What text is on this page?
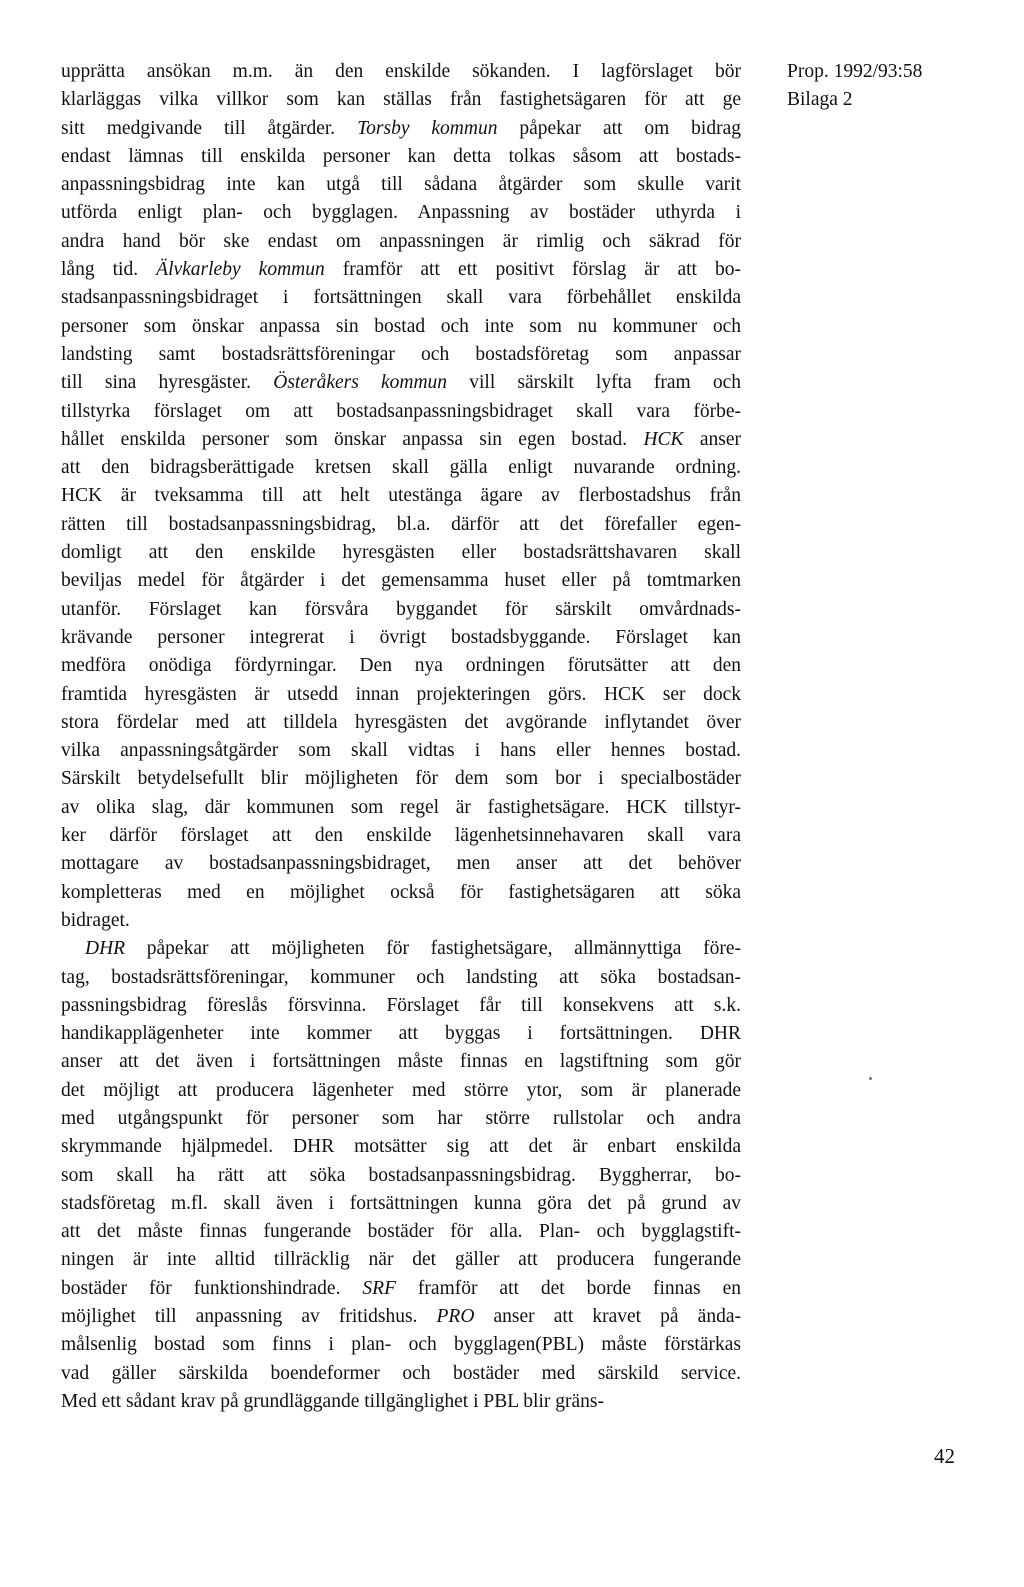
upprätta ansökan m.m. än den enskilde sökanden. I lagförslaget bör
klarläggas vilka villkor som kan ställas från fastighetsägaren för att ge
sitt medgivande till åtgärder. Torsby kommun påpekar att om bidrag
endast lämnas till enskilda personer kan detta tolkas såsom att bostads-
anpassningsbidrag inte kan utgå till sådana åtgärder som skulle varit
utförda enligt plan- och bygglagen. Anpassning av bostäder uthyrda i
andra hand bör ske endast om anpassningen är rimlig och säkrad för
lång tid. Älvkarleby kommun framför att ett positivt förslag är att bo-
stadsanpassningsbidraget i fortsättningen skall vara förbehållet enskilda
personer som önskar anpassa sin bostad och inte som nu kommuner och
landsting samt bostadsrättsföreningar och bostadsföretag som anpassar
till sina hyresgäster. Österåkers kommun vill särskilt lyfta fram och
tillstyrka förslaget om att bostadsanpassningsbidraget skall vara förbe-
hållet enskilda personer som önskar anpassa sin egen bostad. HCK anser
att den bidragsberättigade kretsen skall gälla enligt nuvarande ordning.
HCK är tveksamma till att helt utestänga ägare av flerbostadshus från
rätten till bostadsanpassningsbidrag, bl.a. därför att det förefaller egen-
domligt att den enskilde hyresgästen eller bostadsrättshavaren skall
beviljas medel för åtgärder i det gemensamma huset eller på tomtmarken
utanför. Förslaget kan försvåra byggandet för särskilt omvårdnads-
krävande personer integrerat i övrigt bostadsbyggande. Förslaget kan
medföra onödiga fördyrningar. Den nya ordningen förutsätter att den
framtida hyresgästen är utsedd innan projekteringen görs. HCK ser dock
stora fördelar med att tilldela hyresgästen det avgörande inflytandet över
vilka anpassningsåtgärder som skall vidtas i hans eller hennes bostad.
Särskilt betydelsefullt blir möjligheten för dem som bor i specialbostäder
av olika slag, där kommunen som regel är fastighetsägare. HCK tillstyr-
ker därför förslaget att den enskilde lägenhetsinnehavaren skall vara
mottagare av bostadsanpassningsbidraget, men anser att det behöver
kompletteras med en möjlighet också för fastighetsägaren att söka
bidraget.
DHR påpekar att möjligheten för fastighetsägare, allmännyttiga före-
tag, bostadsrättsföreningar, kommuner och landsting att söka bostadsan-
passningsbidrag föreslås försvinna. Förslaget får till konsekvens att s.k.
handikapplägenheter inte kommer att byggas i fortsättningen. DHR
anser att det även i fortsättningen måste finnas en lagstiftning som gör
det möjligt att producera lägenheter med större ytor, som är planerade
med utgångspunkt för personer som har större rullstolar och andra
skrymmande hjälpmedel. DHR motsätter sig att det är enbart enskilda
som skall ha rätt att söka bostadsanpassningsbidrag. Byggherrar, bo-
stadsföretag m.fl. skall även i fortsättningen kunna göra det på grund av
att det måste finnas fungerande bostäder för alla. Plan- och bygglagstift-
ningen är inte alltid tillräcklig när det gäller att producera fungerande
bostäder för funktionshindrade. SRF framför att det borde finnas en
möjlighet till anpassning av fritidshus. PRO anser att kravet på ända-
målsenlig bostad som finns i plan- och bygglagen(PBL) måste förstärkas
vad gäller särskilda boendeformer och bostäder med särskild service.
Med ett sådant krav på grundläggande tillgänglighet i PBL blir gräns-
Prop. 1992/93:58
Bilaga 2
42
